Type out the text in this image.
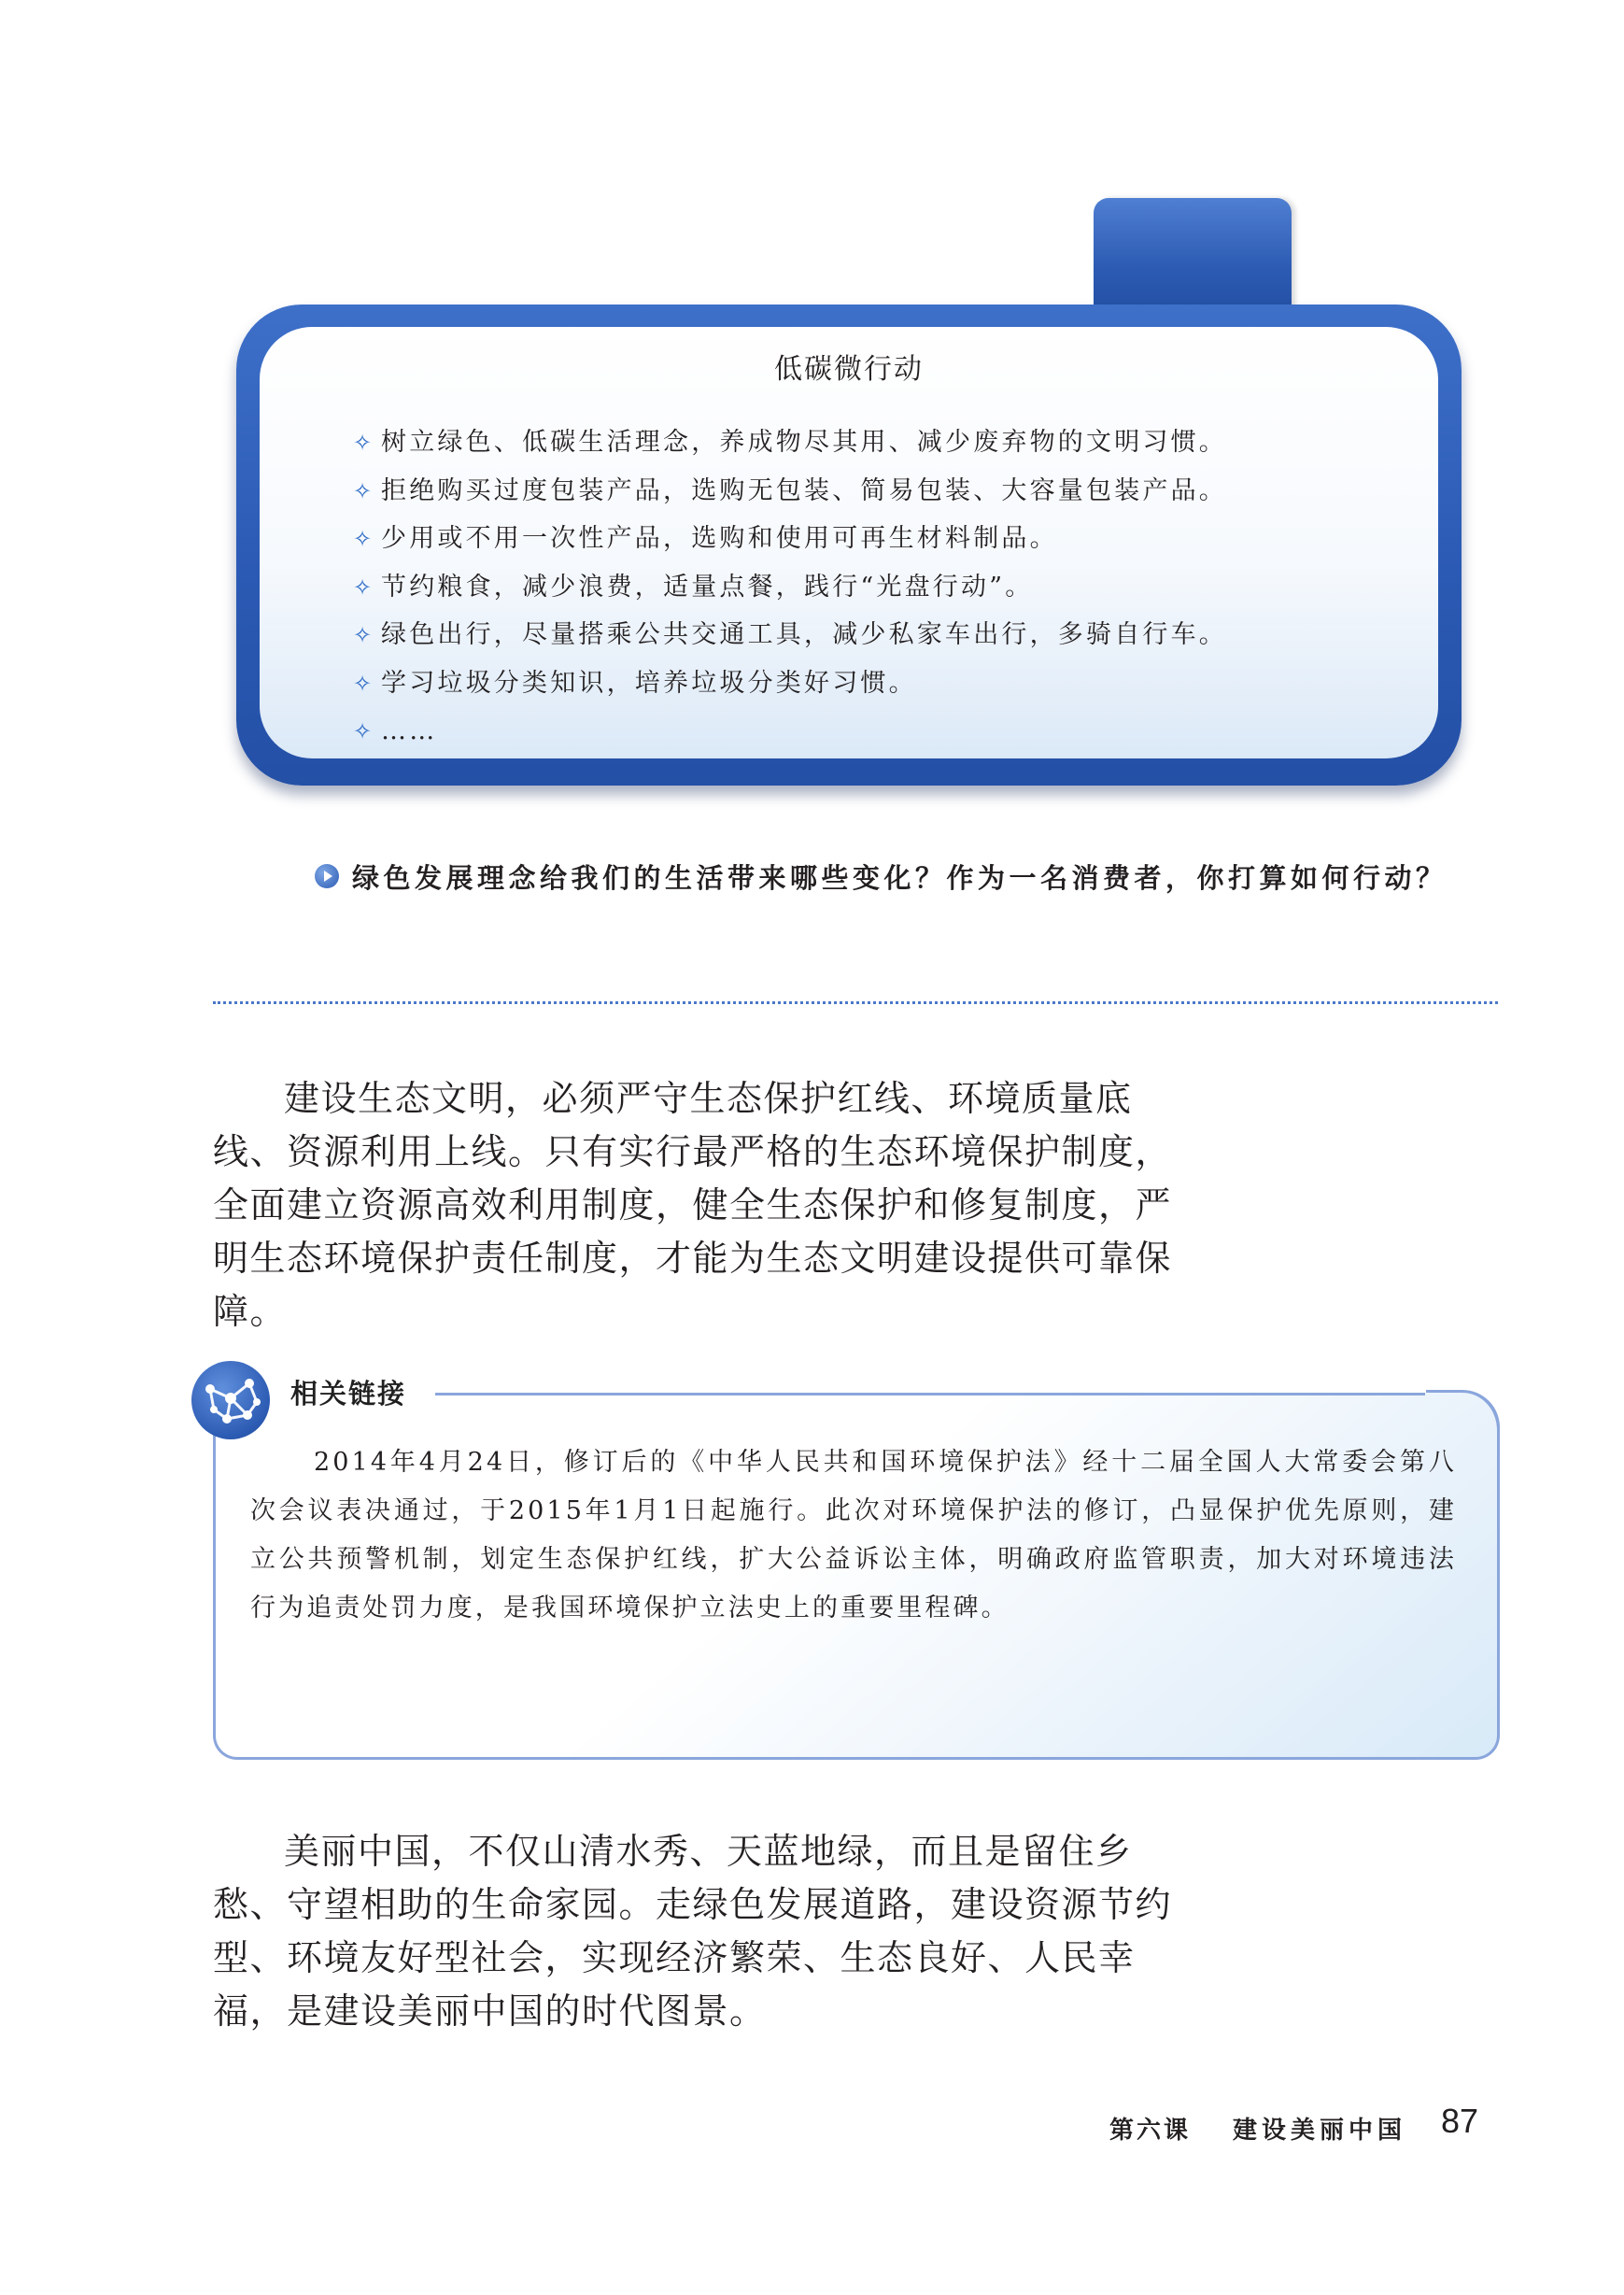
低碳微行动
✧ 树立绿色、低碳生活理念，养成物尽其用、减少废弃物的文明习惯。
✧ 拒绝购买过度包装产品，选购无包装、简易包装、大容量包装产品。
✧ 少用或不用一次性产品，选购和使用可再生材料制品。
✧ 节约粮食，减少浪费，适量点餐，践行“光盘行动”。
✧ 绿色出行，尽量搭乘公共交通工具，减少私家车出行，多骑自行车。
✧ 学习垃圾分类知识，培养垃圾分类好习惯。
✧ ……
绿色发展理念给我们的生活带来哪些变化？作为一名消费者，你打算如何行动？
建设生态文明，必须严守生态保护红线、环境质量底线、资源利用上线。只有实行最严格的生态环境保护制度，全面建立资源高效利用制度，健全生态保护和修复制度，严明生态环境保护责任制度，才能为生态文明建设提供可靠保障。
相关链接
2014年4月24日，修订后的《中华人民共和国环境保护法》经十二届全国人大常委会第八次会议表决通过，于2015年1月1日起施行。此次对环境保护法的修订，凸显保护优先原则，建立公共预警机制，划定生态保护红线，扩大公益诉讼主体，明确政府监管职责，加大对环境违法行为追责处罚力度，是我国环境保护立法史上的重要里程碑。
美丽中国，不仅山清水秀、天蓝地绿，而且是留住乡愁、守望相助的生命家园。走绿色发展道路，建设资源节约型、环境友好型社会，实现经济繁荣、生态良好、人民幸福，是建设美丽中国的时代图景。
第六课 建设美丽中国 87
